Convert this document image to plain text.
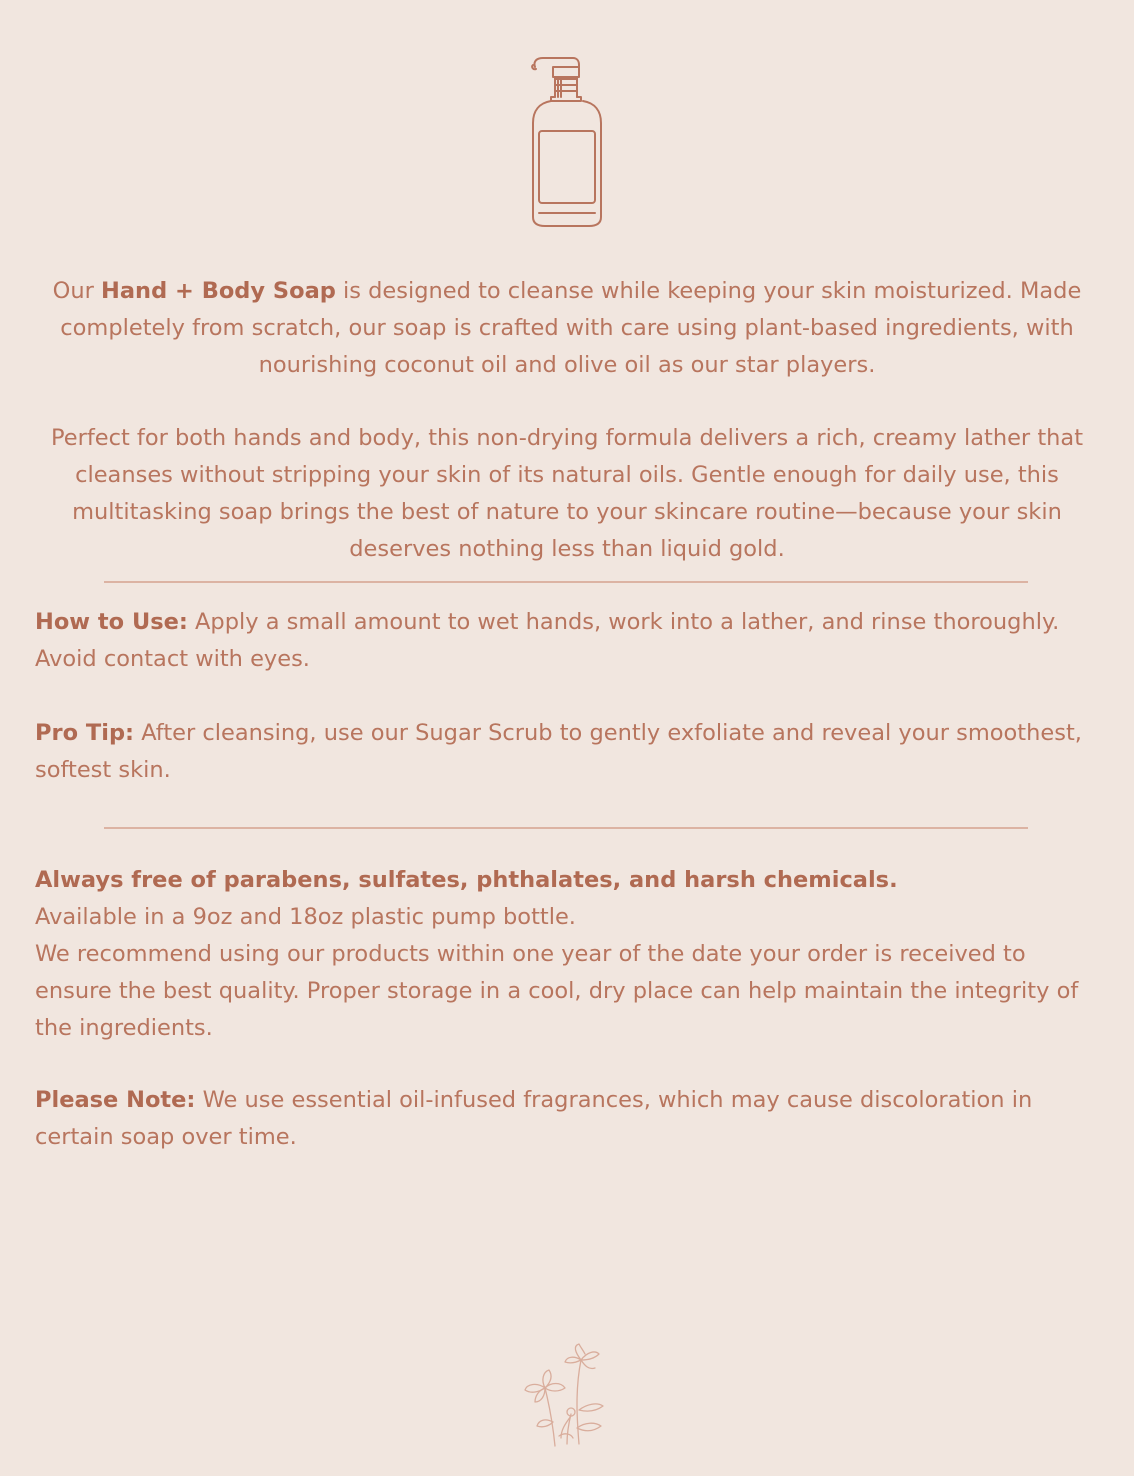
Our Hand + Body Soap is designed to cleanse while keeping your skin moisturized. Made completely from scratch, our soap is crafted with care using plant-based ingredients, with nourishing coconut oil and olive oil as our star players.

Perfect for both hands and body, this non-drying formula delivers a rich, creamy lather that cleanses without stripping your skin of its natural oils. Gentle enough for daily use, this multitasking soap brings the best of nature to your skincare routine—because your skin deserves nothing less than liquid gold.

How to Use: Apply a small amount to wet hands, work into a lather, and rinse thoroughly. Avoid contact with eyes.

Pro Tip: After cleansing, use our Sugar Scrub to gently exfoliate and reveal your smoothest, softest skin.

Always free of parabens, sulfates, phthalates, and harsh chemicals.
Available in a 9oz and 18oz plastic pump bottle.
We recommend using our products within one year of the date your order is received to ensure the best quality. Proper storage in a cool, dry place can help maintain the integrity of the ingredients.

Please Note: We use essential oil-infused fragrances, which may cause discoloration in certain soap over time.
